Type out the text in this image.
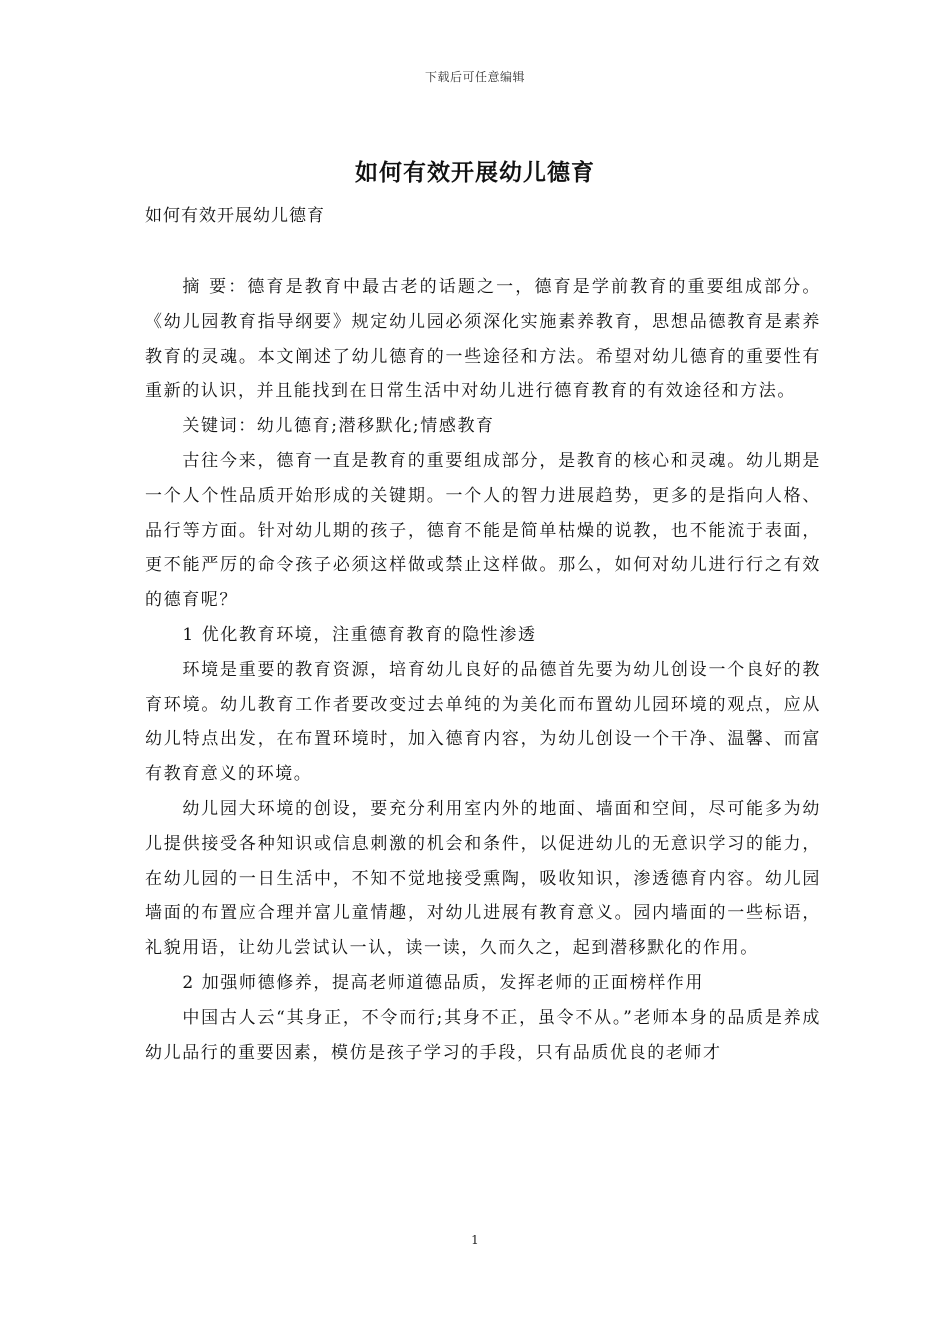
下载后可任意编辑
如何有效开展幼儿德育
如何有效开展幼儿德育

摘 要：德育是教育中最古老的话题之一，德育是学前教育的重要组成部分。《幼儿园教育指导纲要》规定幼儿园必须深化实施素养教育，思想品德教育是素养教育的灵魂。本文阐述了幼儿德育的一些途径和方法。希望对幼儿德育的重要性有重新的认识，并且能找到在日常生活中对幼儿进行德育教育的有效途径和方法。

关键词：幼儿德育;潜移默化;情感教育

古往今来，德育一直是教育的重要组成部分，是教育的核心和灵魂。幼儿期是一个人个性品质开始形成的关键期。一个人的智力进展趋势，更多的是指向人格、品行等方面。针对幼儿期的孩子，德育不能是简单枯燥的说教，也不能流于表面，更不能严厉的命令孩子必须这样做或禁止这样做。那么，如何对幼儿进行行之有效的德育呢？

1 优化教育环境，注重德育教育的隐性渗透

环境是重要的教育资源，培育幼儿良好的品德首先要为幼儿创设一个良好的教育环境。幼儿教育工作者要改变过去单纯的为美化而布置幼儿园环境的观点，应从幼儿特点出发，在布置环境时，加入德育内容，为幼儿创设一个干净、温馨、而富有教育意义的环境。

幼儿园大环境的创设，要充分利用室内外的地面、墙面和空间，尽可能多为幼儿提供接受各种知识或信息刺激的机会和条件，以促进幼儿的无意识学习的能力，在幼儿园的一日生活中，不知不觉地接受熏陶，吸收知识，渗透德育内容。幼儿园墙面的布置应合理并富儿童情趣，对幼儿进展有教育意义。园内墙面的一些标语，礼貌用语，让幼儿尝试认一认，读一读，久而久之，起到潜移默化的作用。

2 加强师德修养，提高老师道德品质，发挥老师的正面榜样作用

中国古人云“其身正，不令而行;其身不正，虽令不从。”老师本身的品质是养成幼儿品行的重要因素，模仿是孩子学习的手段，只有品质优良的老师才

1
